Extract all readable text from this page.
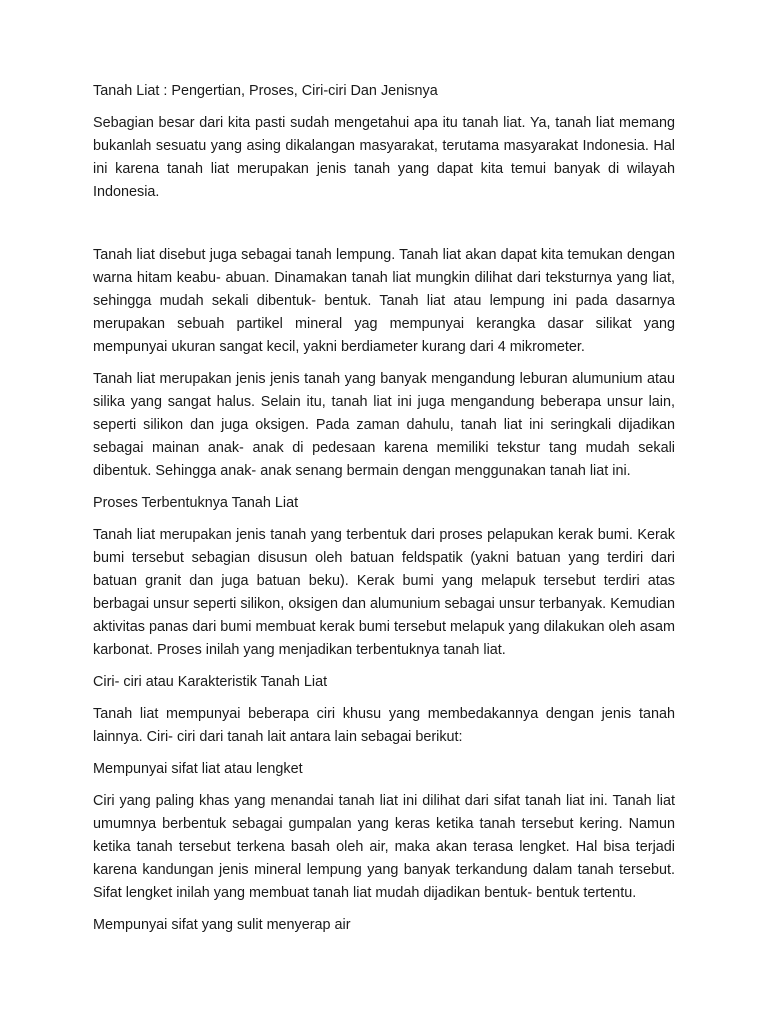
Tanah Liat : Pengertian, Proses, Ciri-ciri Dan Jenisnya

Sebagian besar dari kita pasti sudah mengetahui apa itu tanah liat. Ya, tanah liat memang bukanlah sesuatu yang asing dikalangan masyarakat, terutama masyarakat Indonesia. Hal ini karena tanah liat merupakan jenis tanah yang dapat kita temui banyak di wilayah Indonesia.

Tanah liat disebut juga sebagai tanah lempung. Tanah liat akan dapat kita temukan dengan warna hitam keabu- abuan. Dinamakan tanah liat mungkin dilihat dari teksturnya yang liat, sehingga mudah sekali dibentuk- bentuk. Tanah liat atau lempung ini pada dasarnya merupakan sebuah partikel mineral yag mempunyai kerangka dasar silikat yang mempunyai ukuran sangat kecil, yakni berdiameter kurang dari 4 mikrometer.

Tanah liat merupakan jenis jenis tanah yang banyak mengandung leburan alumunium atau silika yang sangat halus. Selain itu, tanah liat ini juga mengandung beberapa unsur lain, seperti silikon dan juga oksigen. Pada zaman dahulu, tanah liat ini seringkali dijadikan sebagai mainan anak- anak di pedesaan karena memiliki tekstur tang mudah sekali dibentuk. Sehingga anak- anak senang bermain dengan menggunakan tanah liat ini.

Proses Terbentuknya Tanah Liat

Tanah liat merupakan jenis tanah yang terbentuk dari proses pelapukan kerak bumi. Kerak bumi tersebut sebagian disusun oleh batuan feldspatik (yakni batuan yang terdiri dari batuan granit dan juga batuan beku). Kerak bumi yang melapuk tersebut terdiri atas berbagai unsur seperti silikon, oksigen dan alumunium sebagai unsur terbanyak. Kemudian aktivitas panas dari bumi membuat kerak bumi tersebut melapuk yang dilakukan oleh asam karbonat. Proses inilah yang menjadikan terbentuknya tanah liat.

Ciri- ciri atau Karakteristik Tanah Liat

Tanah liat mempunyai beberapa ciri khusu yang membedakannya dengan jenis tanah lainnya. Ciri- ciri dari tanah lait antara lain sebagai berikut:

Mempunyai sifat liat atau lengket

Ciri yang paling khas yang menandai tanah liat ini dilihat dari sifat tanah liat ini. Tanah liat umumnya berbentuk sebagai gumpalan yang keras ketika tanah tersebut kering. Namun ketika tanah tersebut terkena basah oleh air, maka akan terasa lengket. Hal bisa terjadi karena kandungan jenis mineral lempung yang banyak terkandung dalam tanah tersebut. Sifat lengket inilah yang membuat tanah liat mudah dijadikan bentuk- bentuk tertentu.

Mempunyai sifat yang sulit menyerap air
